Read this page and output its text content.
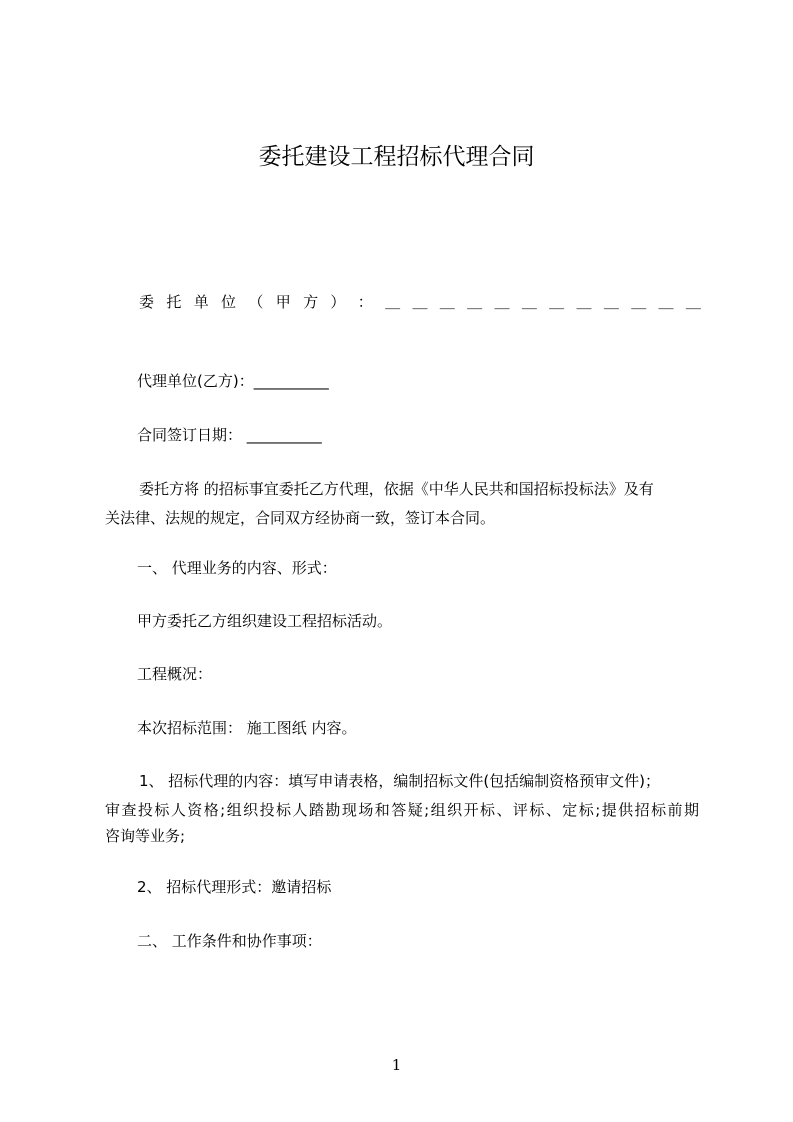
委托建设工程招标代理合同
委 托 单 位 （ 甲 方 ） ： ＿ ＿ ＿ ＿ ＿ ＿ ＿ ＿ ＿ ＿ ＿ ＿
代理单位(乙方)：__________
合同签订日期： __________
委托方将 的招标事宜委托乙方代理，依据《中华人民共和国招标投标法》及有
关法律、法规的规定，合同双方经协商一致，签订本合同。
一、 代理业务的内容、形式：
甲方委托乙方组织建设工程招标活动。
工程概况：
本次招标范围： 施工图纸 内容。
1、 招标代理的内容：填写申请表格，编制招标文件(包括编制资格预审文件)；
审查投标人资格;组织投标人踏勘现场和答疑;组织开标、评标、定标;提供招标前期
咨询等业务;
2、 招标代理形式：邀请招标
二、 工作条件和协作事项：
1
